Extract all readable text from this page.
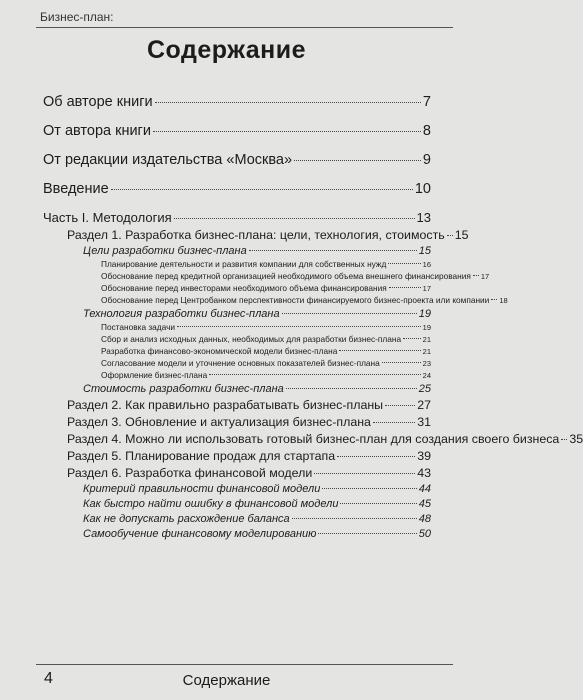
Бизнес-план:
Содержание
Об авторе книги	7
От автора книги	8
От редакции издательства «Москва»	9
Введение	10
Часть I. Методология	13
Раздел 1. Разработка бизнес-плана: цели, технология, стоимость 15
Цели разработки бизнес-плана	15
Планирование деятельности и развития компании для собственных нужд	16
Обоснование перед кредитной организацией необходимого объема внешнего финансирования 17
Обоснование перед инвесторами необходимого объема финансирования	17
Обоснование перед Центробанком перспективности финансируемого бизнес-проекта или компании 18
Технология разработки бизнес-плана	19
Постановка задачи	19
Сбор и анализ исходных данных, необходимых для разработки бизнес-плана	21
Разработка финансово-экономической модели бизнес-плана	21
Согласование модели и уточнение основных показателей бизнес-плана	23
Оформление бизнес-плана	24
Стоимость разработки бизнес-плана	25
Раздел 2. Как правильно разрабатывать бизнес-планы	27
Раздел 3. Обновление и актуализация бизнес-плана	31
Раздел 4. Можно ли использовать готовый бизнес-план для создания своего бизнеса 35
Раздел 5. Планирование продаж для стартапа	39
Раздел 6. Разработка финансовой модели	43
Критерий правильности финансовой модели	44
Как быстро найти ошибку в финансовой модели	45
Как не допускать расхождение баланса	48
Самообучение финансовому моделированию	50
4	Содержание
